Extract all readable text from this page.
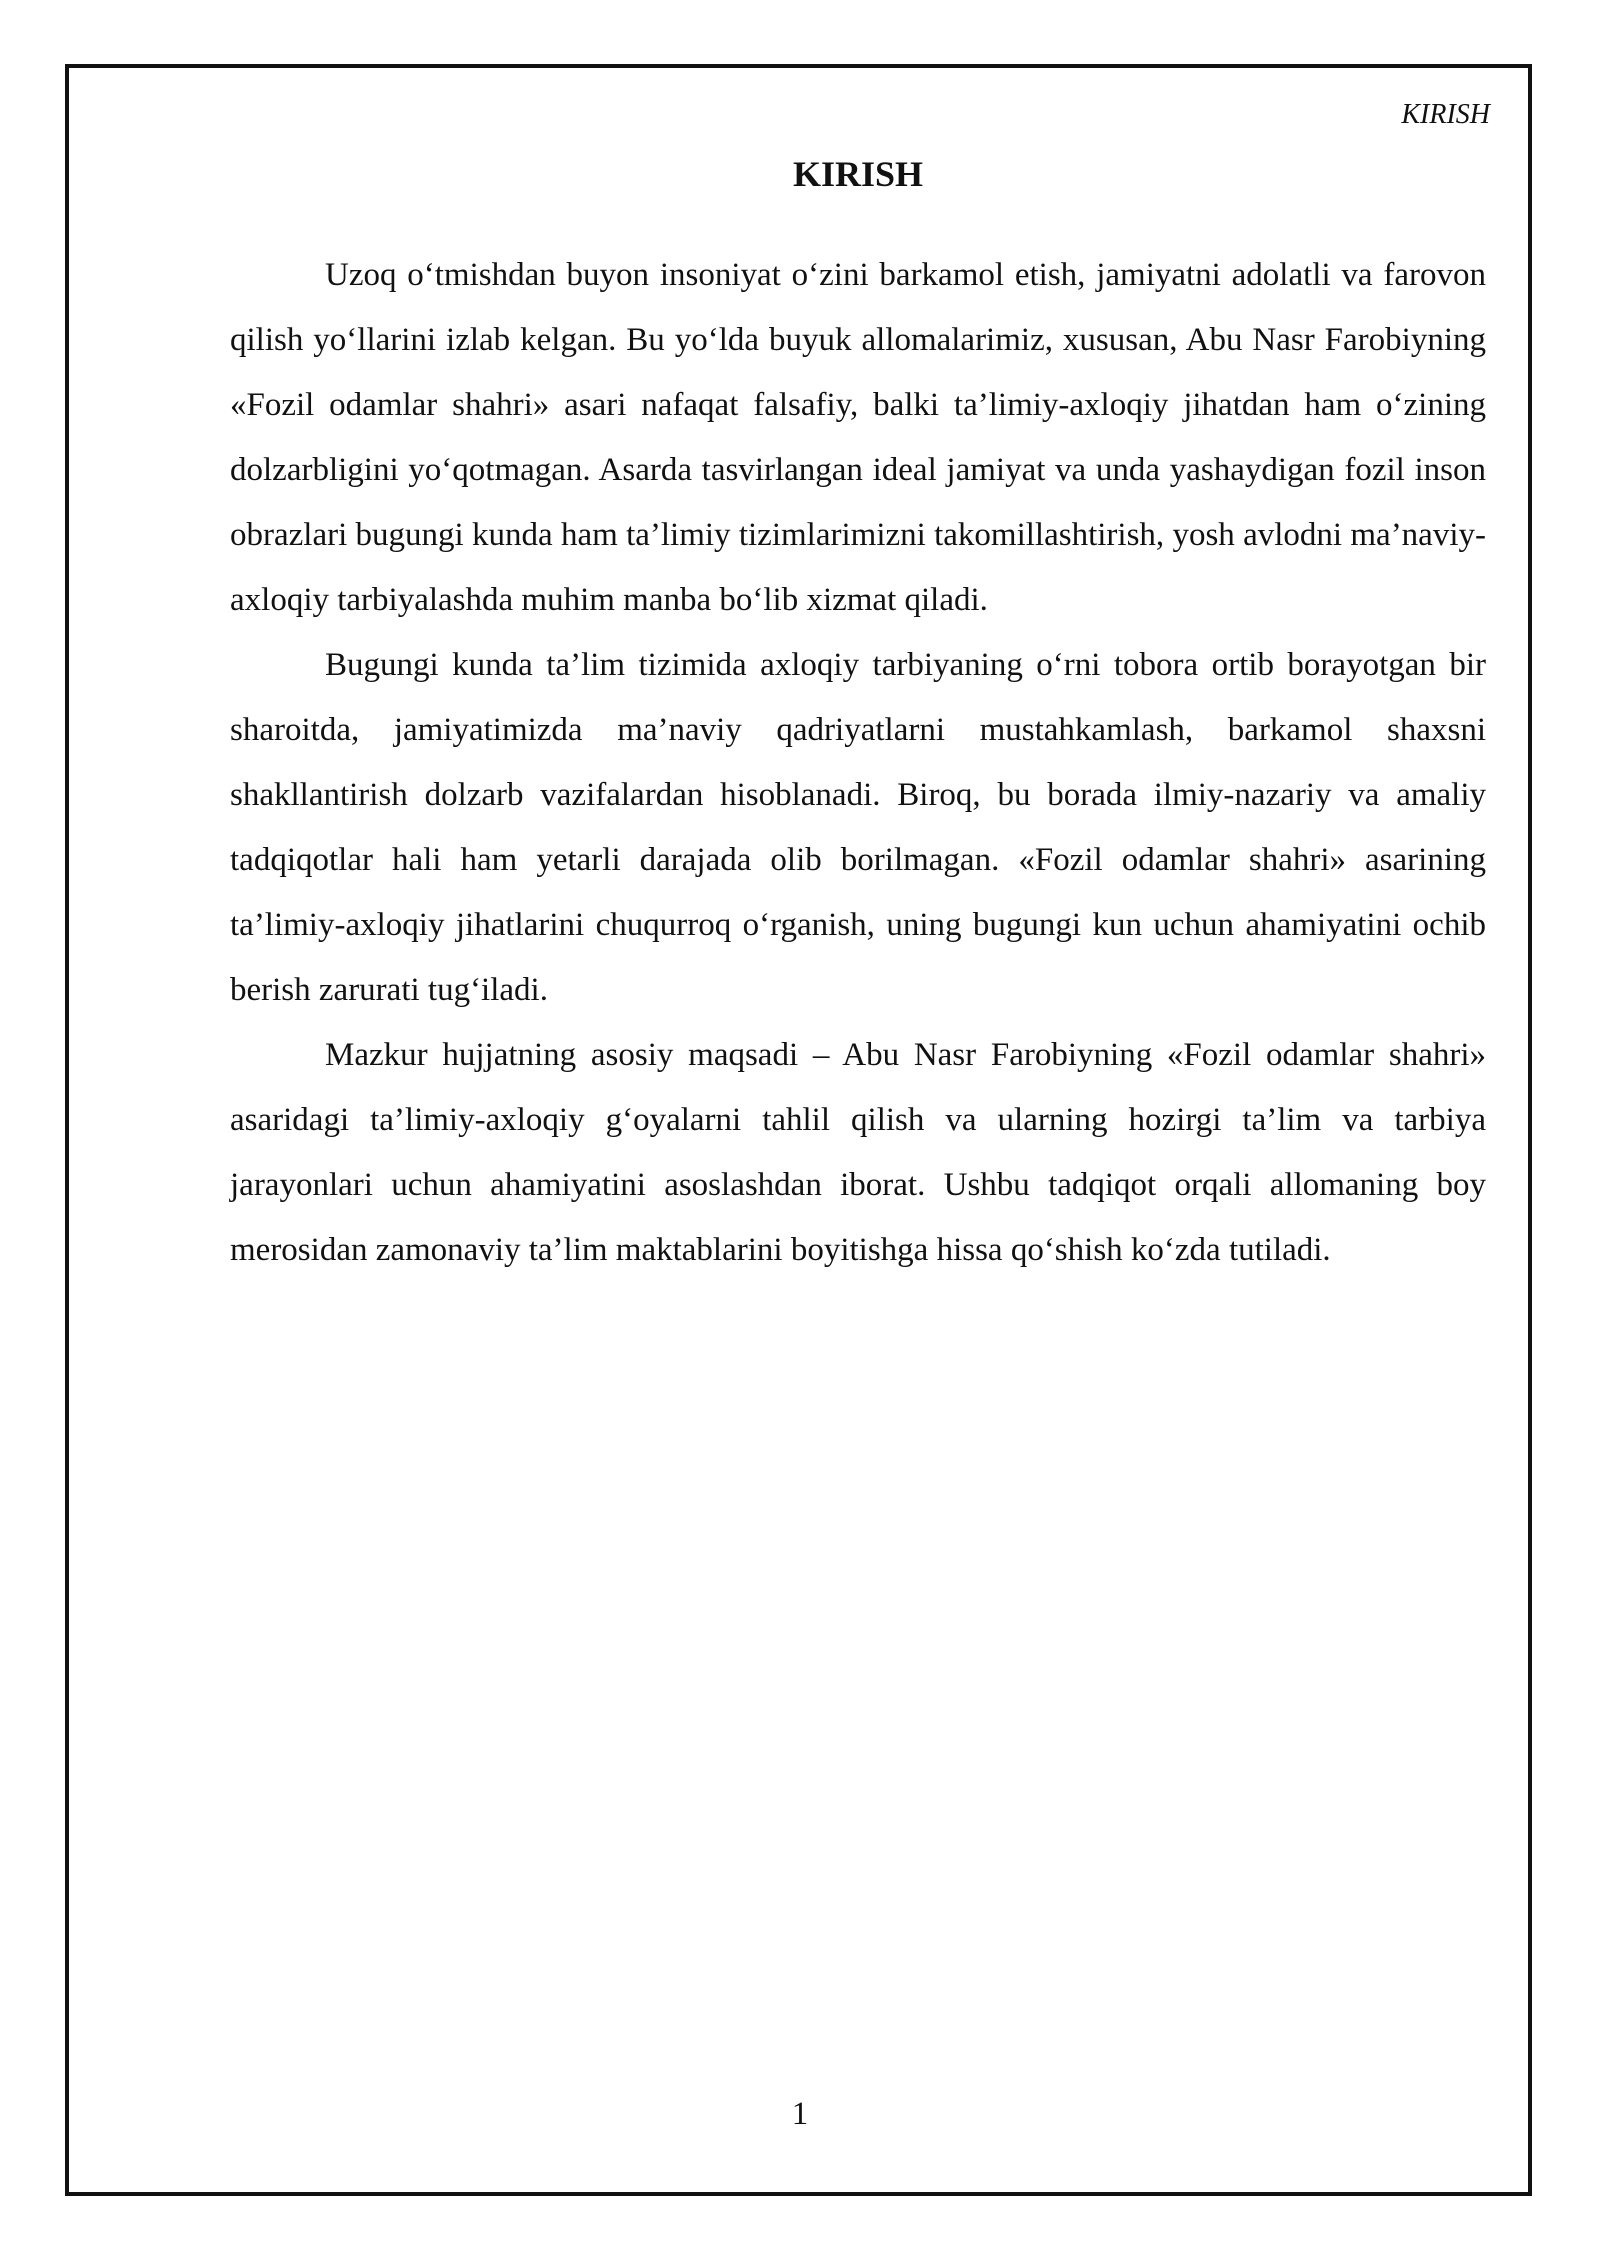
KIRISH
KIRISH

Uzoq o‘tmishdan buyon insoniyat o‘zini barkamol etish, jamiyatni adolatli va farovon qilish yo‘llarini izlab kelgan. Bu yo‘lda buyuk allomalarimiz, xususan, Abu Nasr Farobiyning «Fozil odamlar shahri» asari nafaqat falsafiy, balki ta’limiy-axloqiy jihatdan ham o‘zining dolzarbligini yo‘qotmagan. Asarda tasvirlangan ideal jamiyat va unda yashaydigan fozil inson obrazlari bugungi kunda ham ta’limiy tizimlarimizni takomillashtirish, yosh avlodni ma’naviy-axloqiy tarbiyalashda muhim manba bo‘lib xizmat qiladi.

Bugungi kunda ta’lim tizimida axloqiy tarbiyaning o‘rni tobora ortib borayotgan bir sharoitda, jamiyatimizda ma’naviy qadriyatlarni mustahkamlash, barkamol shaxsni shakllantirish dolzarb vazifalardan hisoblanadi. Biroq, bu borada ilmiy-nazariy va amaliy tadqiqotlar hali ham yetarli darajada olib borilmagan. «Fozil odamlar shahri» asarining ta’limiy-axloqiy jihatlarini chuqurroq o‘rganish, uning bugungi kun uchun ahamiyatini ochib berish zarurati tug‘iladi.

Mazkur hujjatning asosiy maqsadi – Abu Nasr Farobiyning «Fozil odamlar shahri» asaridagi ta’limiy-axloqiy g‘oyalarni tahlil qilish va ularning hozirgi ta’lim va tarbiya jarayonlari uchun ahamiyatini asoslashdan iborat. Ushbu tadqiqot orqali allomaning boy merosidan zamonaviy ta’lim maktablarini boyitishga hissa qo‘shish ko‘zda tutiladi.

1
